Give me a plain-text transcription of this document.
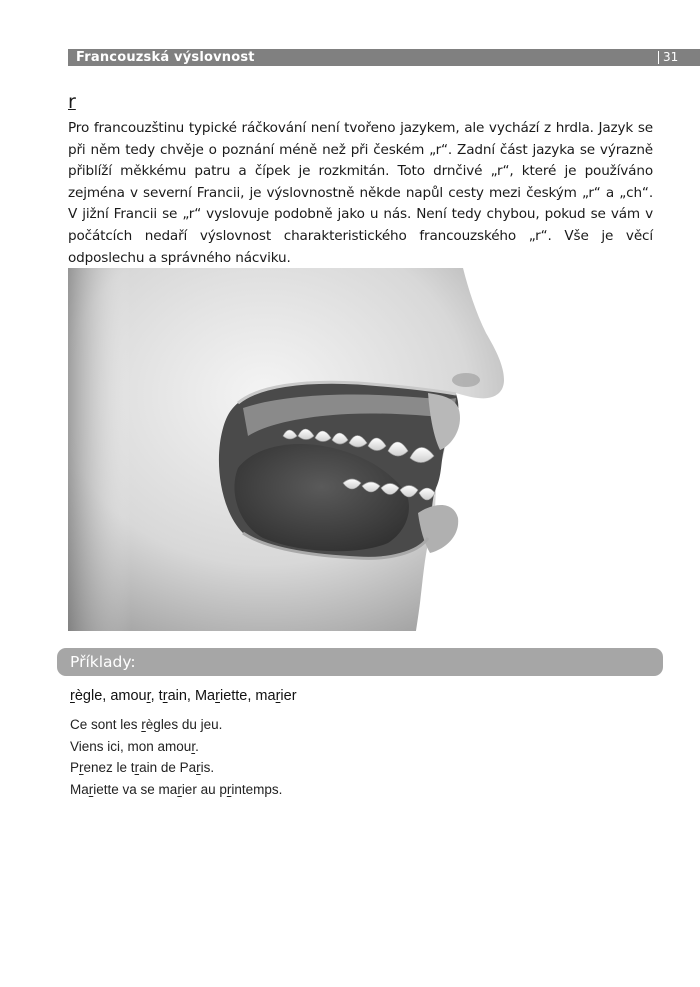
Francouzská výslovnost	31
r

Pro francouzštinu typické ráčkování není tvořeno jazykem, ale vychází z hrdla. Jazyk se při něm tedy chvěje o poznání méně než při českém „r“. Zadní část jazyka se výrazně přiblíží měkkému patru a čípek je rozkmitán. Toto drnčivé „r“, které je používáno zejména v severní Francii, je výslovnostně někde napůl cesty mezi českým „r“ a „ch“. V jižní Francii se „r“ vyslovuje podobně jako u nás. Není tedy chybou, pokud se vám v počátcích nedaří výslovnost charakteristického francouzského „r“. Vše je věcí odposlechu a správného nácviku.

Příklady:

règle, amour, train, Mariette, marier

Ce sont les règles du jeu.
Viens ici, mon amour.
Prenez le train de Paris.
Mariette va se marier au printemps.
